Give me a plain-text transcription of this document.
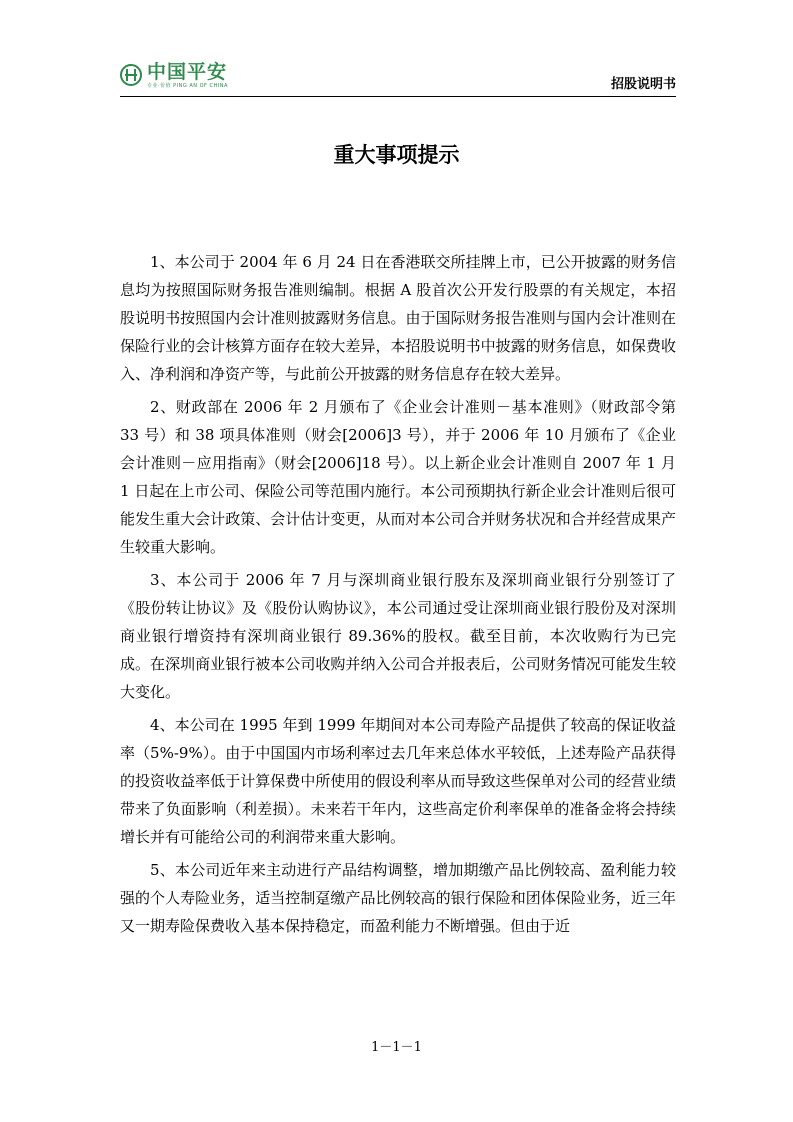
中国平安
专业·价值 PING AN OF CHINA	招股说明书
重大事项提示

1、本公司于 2004 年 6 月 24 日在香港联交所挂牌上市，已公开披露的财务信息均为按照国际财务报告准则编制。根据 A 股首次公开发行股票的有关规定，本招股说明书按照国内会计准则披露财务信息。由于国际财务报告准则与国内会计准则在保险行业的会计核算方面存在较大差异，本招股说明书中披露的财务信息，如保费收入、净利润和净资产等，与此前公开披露的财务信息存在较大差异。

2、财政部在 2006 年 2 月颁布了《企业会计准则－基本准则》（财政部令第 33 号）和 38 项具体准则（财会[2006]3 号），并于 2006 年 10 月颁布了《企业会计准则－应用指南》（财会[2006]18 号）。以上新企业会计准则自 2007 年 1 月 1 日起在上市公司、保险公司等范围内施行。本公司预期执行新企业会计准则后很可能发生重大会计政策、会计估计变更，从而对本公司合并财务状况和合并经营成果产生较重大影响。

3、本公司于 2006 年 7 月与深圳商业银行股东及深圳商业银行分别签订了《股份转让协议》及《股份认购协议》，本公司通过受让深圳商业银行股份及对深圳商业银行增资持有深圳商业银行 89.36%的股权。截至目前，本次收购行为已完成。在深圳商业银行被本公司收购并纳入公司合并报表后，公司财务情况可能发生较大变化。

4、本公司在 1995 年到 1999 年期间对本公司寿险产品提供了较高的保证收益率（5%-9%）。由于中国国内市场利率过去几年来总体水平较低，上述寿险产品获得的投资收益率低于计算保费中所使用的假设利率从而导致这些保单对公司的经营业绩带来了负面影响（利差损）。未来若干年内，这些高定价利率保单的准备金将会持续增长并有可能给公司的利润带来重大影响。

5、本公司近年来主动进行产品结构调整，增加期缴产品比例较高、盈利能力较强的个人寿险业务，适当控制趸缴产品比例较高的银行保险和团体保险业务，近三年又一期寿险保费收入基本保持稳定，而盈利能力不断增强。但由于近

1－1－1
